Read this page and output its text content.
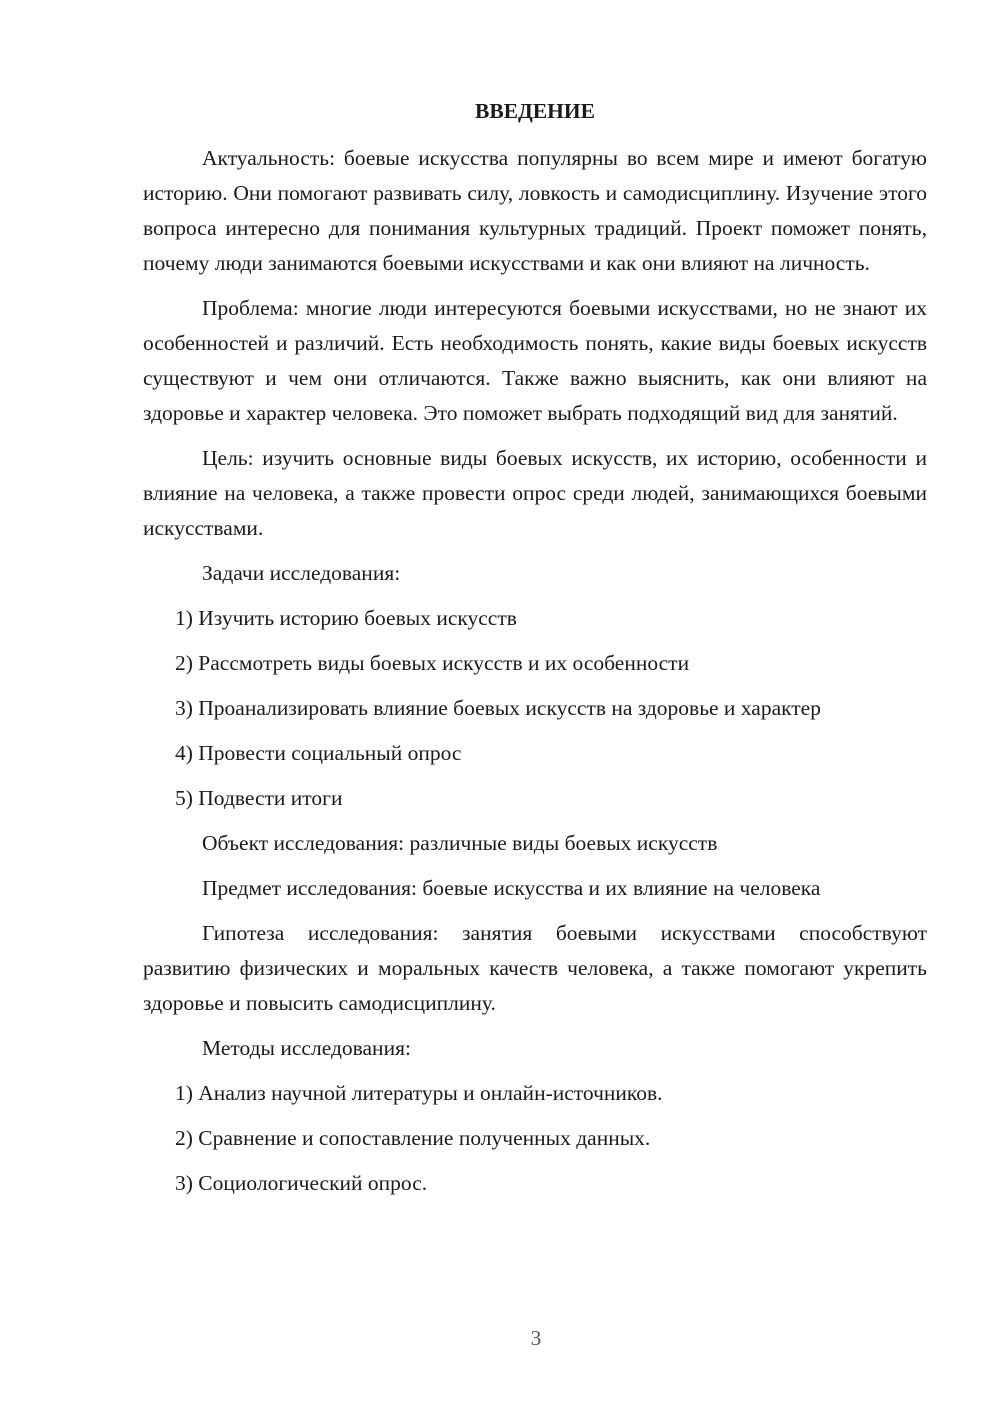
ВВЕДЕНИЕ

Актуальность: боевые искусства популярны во всем мире и имеют богатую историю. Они помогают развивать силу, ловкость и самодисциплину. Изучение этого вопроса интересно для понимания культурных традиций. Проект поможет понять, почему люди занимаются боевыми искусствами и как они влияют на личность.

Проблема: многие люди интересуются боевыми искусствами, но не знают их особенностей и различий. Есть необходимость понять, какие виды боевых искусств существуют и чем они отличаются. Также важно выяснить, как они влияют на здоровье и характер человека. Это поможет выбрать подходящий вид для занятий.

Цель: изучить основные виды боевых искусств, их историю, особенности и влияние на человека, а также провести опрос среди людей, занимающихся боевыми искусствами.

Задачи исследования:

1) Изучить историю боевых искусств
2) Рассмотреть виды боевых искусств и их особенности
3) Проанализировать влияние боевых искусств на здоровье и характер
4) Провести социальный опрос
5) Подвести итоги

Объект исследования: различные виды боевых искусств

Предмет исследования: боевые искусства и их влияние на человека

Гипотеза исследования: занятия боевыми искусствами способствуют развитию физических и моральных качеств человека, а также помогают укрепить здоровье и повысить самодисциплину.

Методы исследования:

1) Анализ научной литературы и онлайн-источников.
2) Сравнение и сопоставление полученных данных.
3) Социологический опрос.
3
